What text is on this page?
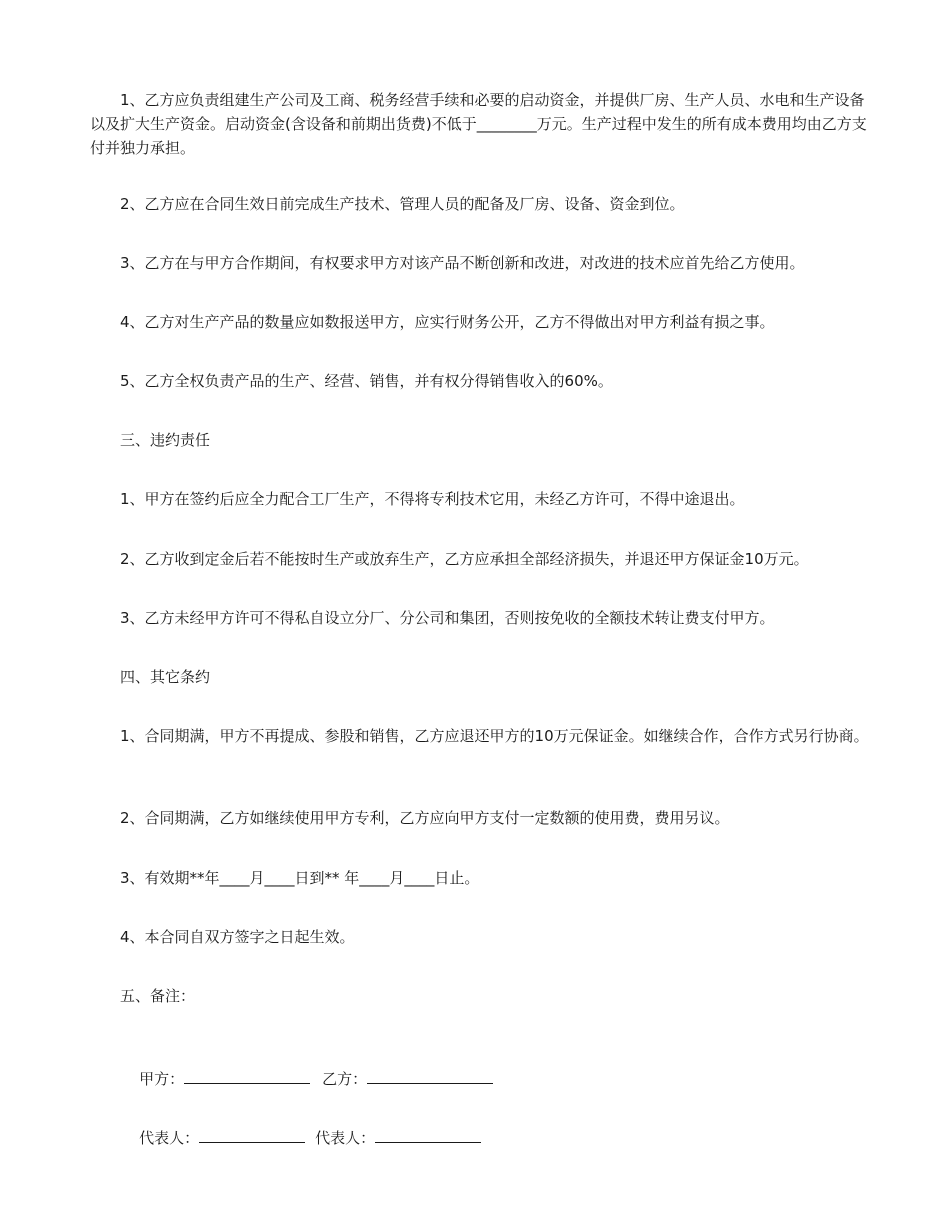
1、乙方应负责组建生产公司及工商、税务经营手续和必要的启动资金，并提供厂房、生产人员、水电和生产设备以及扩大生产资金。启动资金(含设备和前期出货费)不低于________万元。生产过程中发生的所有成本费用均由乙方支付并独力承担。

2、乙方应在合同生效日前完成生产技术、管理人员的配备及厂房、设备、资金到位。

3、乙方在与甲方合作期间，有权要求甲方对该产品不断创新和改进，对改进的技术应首先给乙方使用。

4、乙方对生产产品的数量应如数报送甲方，应实行财务公开，乙方不得做出对甲方利益有损之事。

5、乙方全权负责产品的生产、经营、销售，并有权分得销售收入的60%。

三、违约责任

1、甲方在签约后应全力配合工厂生产，不得将专利技术它用，未经乙方许可，不得中途退出。

2、乙方收到定金后若不能按时生产或放弃生产，乙方应承担全部经济损失，并退还甲方保证金10万元。

3、乙方未经甲方许可不得私自设立分厂、分公司和集团，否则按免收的全额技术转让费支付甲方。

四、其它条约

1、合同期满，甲方不再提成、参股和销售，乙方应退还甲方的10万元保证金。如继续合作，合作方式另行协商。

2、合同期满，乙方如继续使用甲方专利，乙方应向甲方支付一定数额的使用费，费用另议。

3、有效期**年____月____日到** 年____月____日止。

4、本合同自双方签字之日起生效。

五、备注：

甲方：	乙方：

代表人：	代表人：
